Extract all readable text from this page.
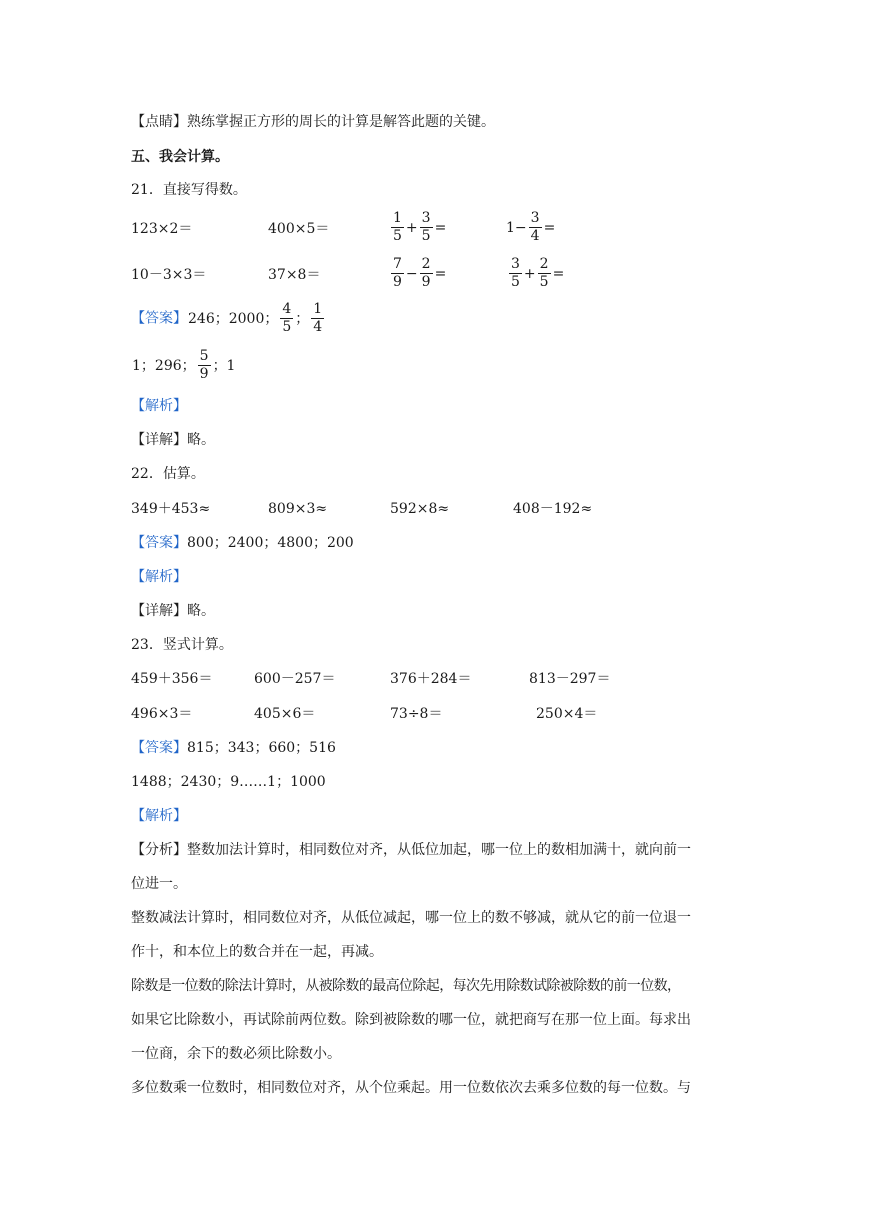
【点睛】熟练掌握正方形的周长的计算是解答此题的关键。
五、我会计算。
21．直接写得数。
123×2＝	400×5＝	$\frac{1}{5} + \frac{3}{5}$ =	$1- \frac{3}{4}$ =
10－3×3＝	37×8＝	$\frac{7}{9} - \frac{2}{9}$ =	$\frac{3}{5} + \frac{2}{5}$ =
【答案】246；2000； $\frac{4}{5}$ ； $\frac{1}{4}$
1；296； $\frac{5}{9}$ ；1
【解析】
【详解】略。
22．估算。
349＋453≈	809×3≈	592×8≈	408－192≈
【答案】800；2400；4800；200
【解析】
【详解】略。
23．竖式计算。
459＋356＝	600－257＝	376＋284＝	813－297＝
496×3＝	405×6＝	73÷8＝	250×4＝
【答案】815；343；660；516
1488；2430；9……1；1000
【解析】
【分析】整数加法计算时，相同数位对齐，从低位加起，哪一位上的数相加满十，就向前一
位进一。
整数减法计算时，相同数位对齐，从低位减起，哪一位上的数不够减，就从它的前一位退一
作十，和本位上的数合并在一起，再减。
除数是一位数的除法计算时，从被除数的最高位除起，每次先用除数试除被除数的前一位数，
如果它比除数小，再试除前两位数。除到被除数的哪一位，就把商写在那一位上面。每求出
一位商，余下的数必须比除数小。
多位数乘一位数时，相同数位对齐，从个位乘起。用一位数依次去乘多位数的每一位数。与
